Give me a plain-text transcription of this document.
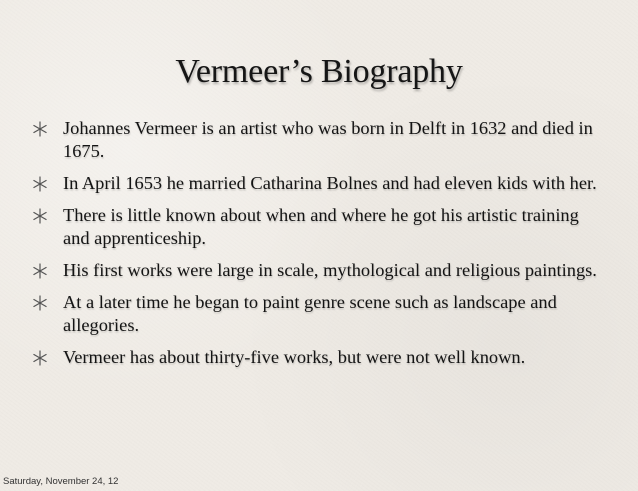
Vermeer’s Biography
Johannes Vermeer is an artist who was born in Delft in 1632 and died in 1675.
In April 1653 he married Catharina Bolnes and had eleven kids with her.
There is little known about when and where he got his artistic training and apprenticeship.
His first works were large in scale, mythological and religious paintings.
At a later time he began to paint genre scene such as landscape and allegories.
Vermeer has about thirty-five works, but were not well known.

Saturday, November 24, 12
